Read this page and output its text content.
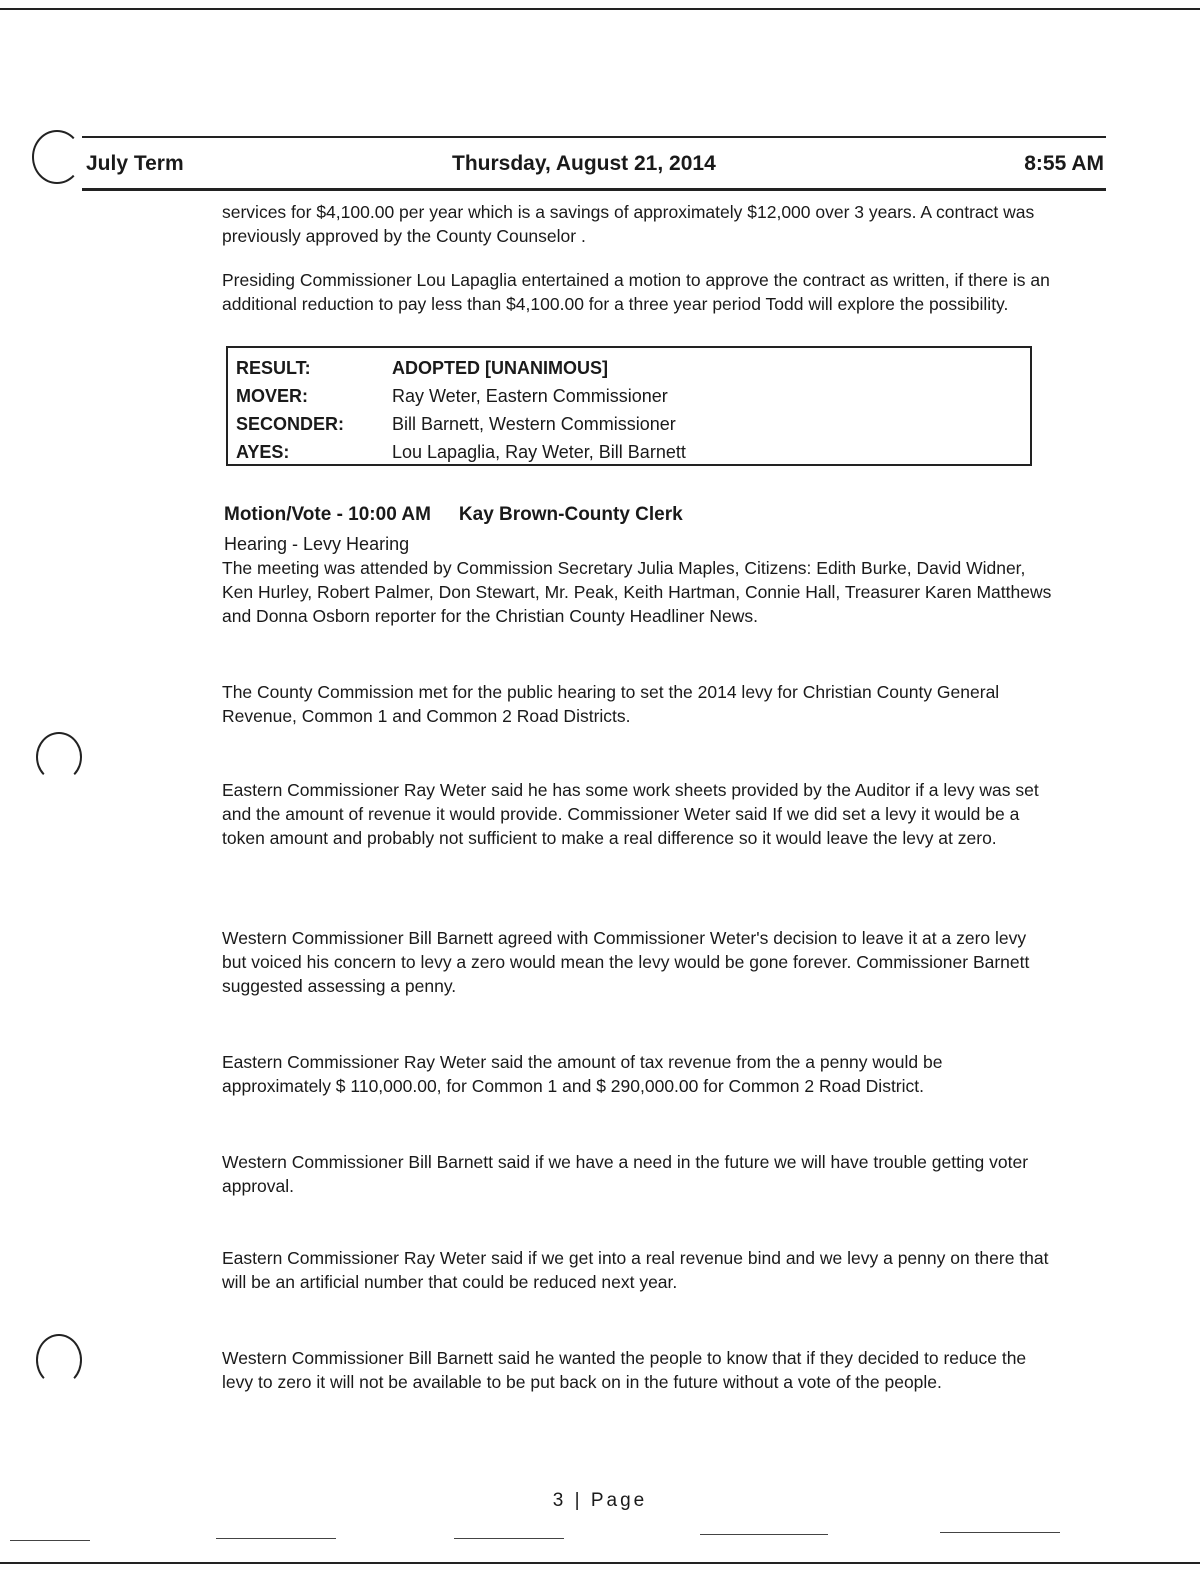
July Term	Thursday, August 21, 2014	8:55 AM

services for $4,100.00 per year which is a savings of approximately $12,000 over 3 years. A contract was previously approved by the County Counselor .

Presiding Commissioner Lou Lapaglia entertained a motion to approve the contract as written, if there is an additional reduction to pay less than $4,100.00 for a three year period Todd will explore the possibility.

RESULT:	ADOPTED [UNANIMOUS]
MOVER:	Ray Weter, Eastern Commissioner
SECONDER:	Bill Barnett, Western Commissioner
AYES:	Lou Lapaglia, Ray Weter, Bill Barnett
Motion/Vote - 10:00 AM Kay Brown-County Clerk
Hearing - Levy Hearing

The meeting was attended by Commission Secretary Julia Maples, Citizens: Edith Burke, David Widner, Ken Hurley, Robert Palmer, Don Stewart, Mr. Peak, Keith Hartman, Connie Hall, Treasurer Karen Matthews and Donna Osborn reporter for the Christian County Headliner News.

The County Commission met for the public hearing to set the 2014 levy for Christian County General Revenue, Common 1 and Common 2 Road Districts.

Eastern Commissioner Ray Weter said he has some work sheets provided by the Auditor if a levy was set and the amount of revenue it would provide. Commissioner Weter said If we did set a levy it would be a token amount and probably not sufficient to make a real difference so it would leave the levy at zero.

Western Commissioner Bill Barnett agreed with Commissioner Weter's decision to leave it at a zero levy but voiced his concern to levy a zero would mean the levy would be gone forever. Commissioner Barnett suggested assessing a penny.

Eastern Commissioner Ray Weter said the amount of tax revenue from the a penny would be approximately $ 110,000.00, for Common 1 and $ 290,000.00 for Common 2 Road District.

Western Commissioner Bill Barnett said if we have a need in the future we will have trouble getting voter approval.

Eastern Commissioner Ray Weter said if we get into a real revenue bind and we levy a penny on there that will be an artificial number that could be reduced next year.

Western Commissioner Bill Barnett said he wanted the people to know that if they decided to reduce the levy to zero it will not be available to be put back on in the future without a vote of the people.

3 | Page
